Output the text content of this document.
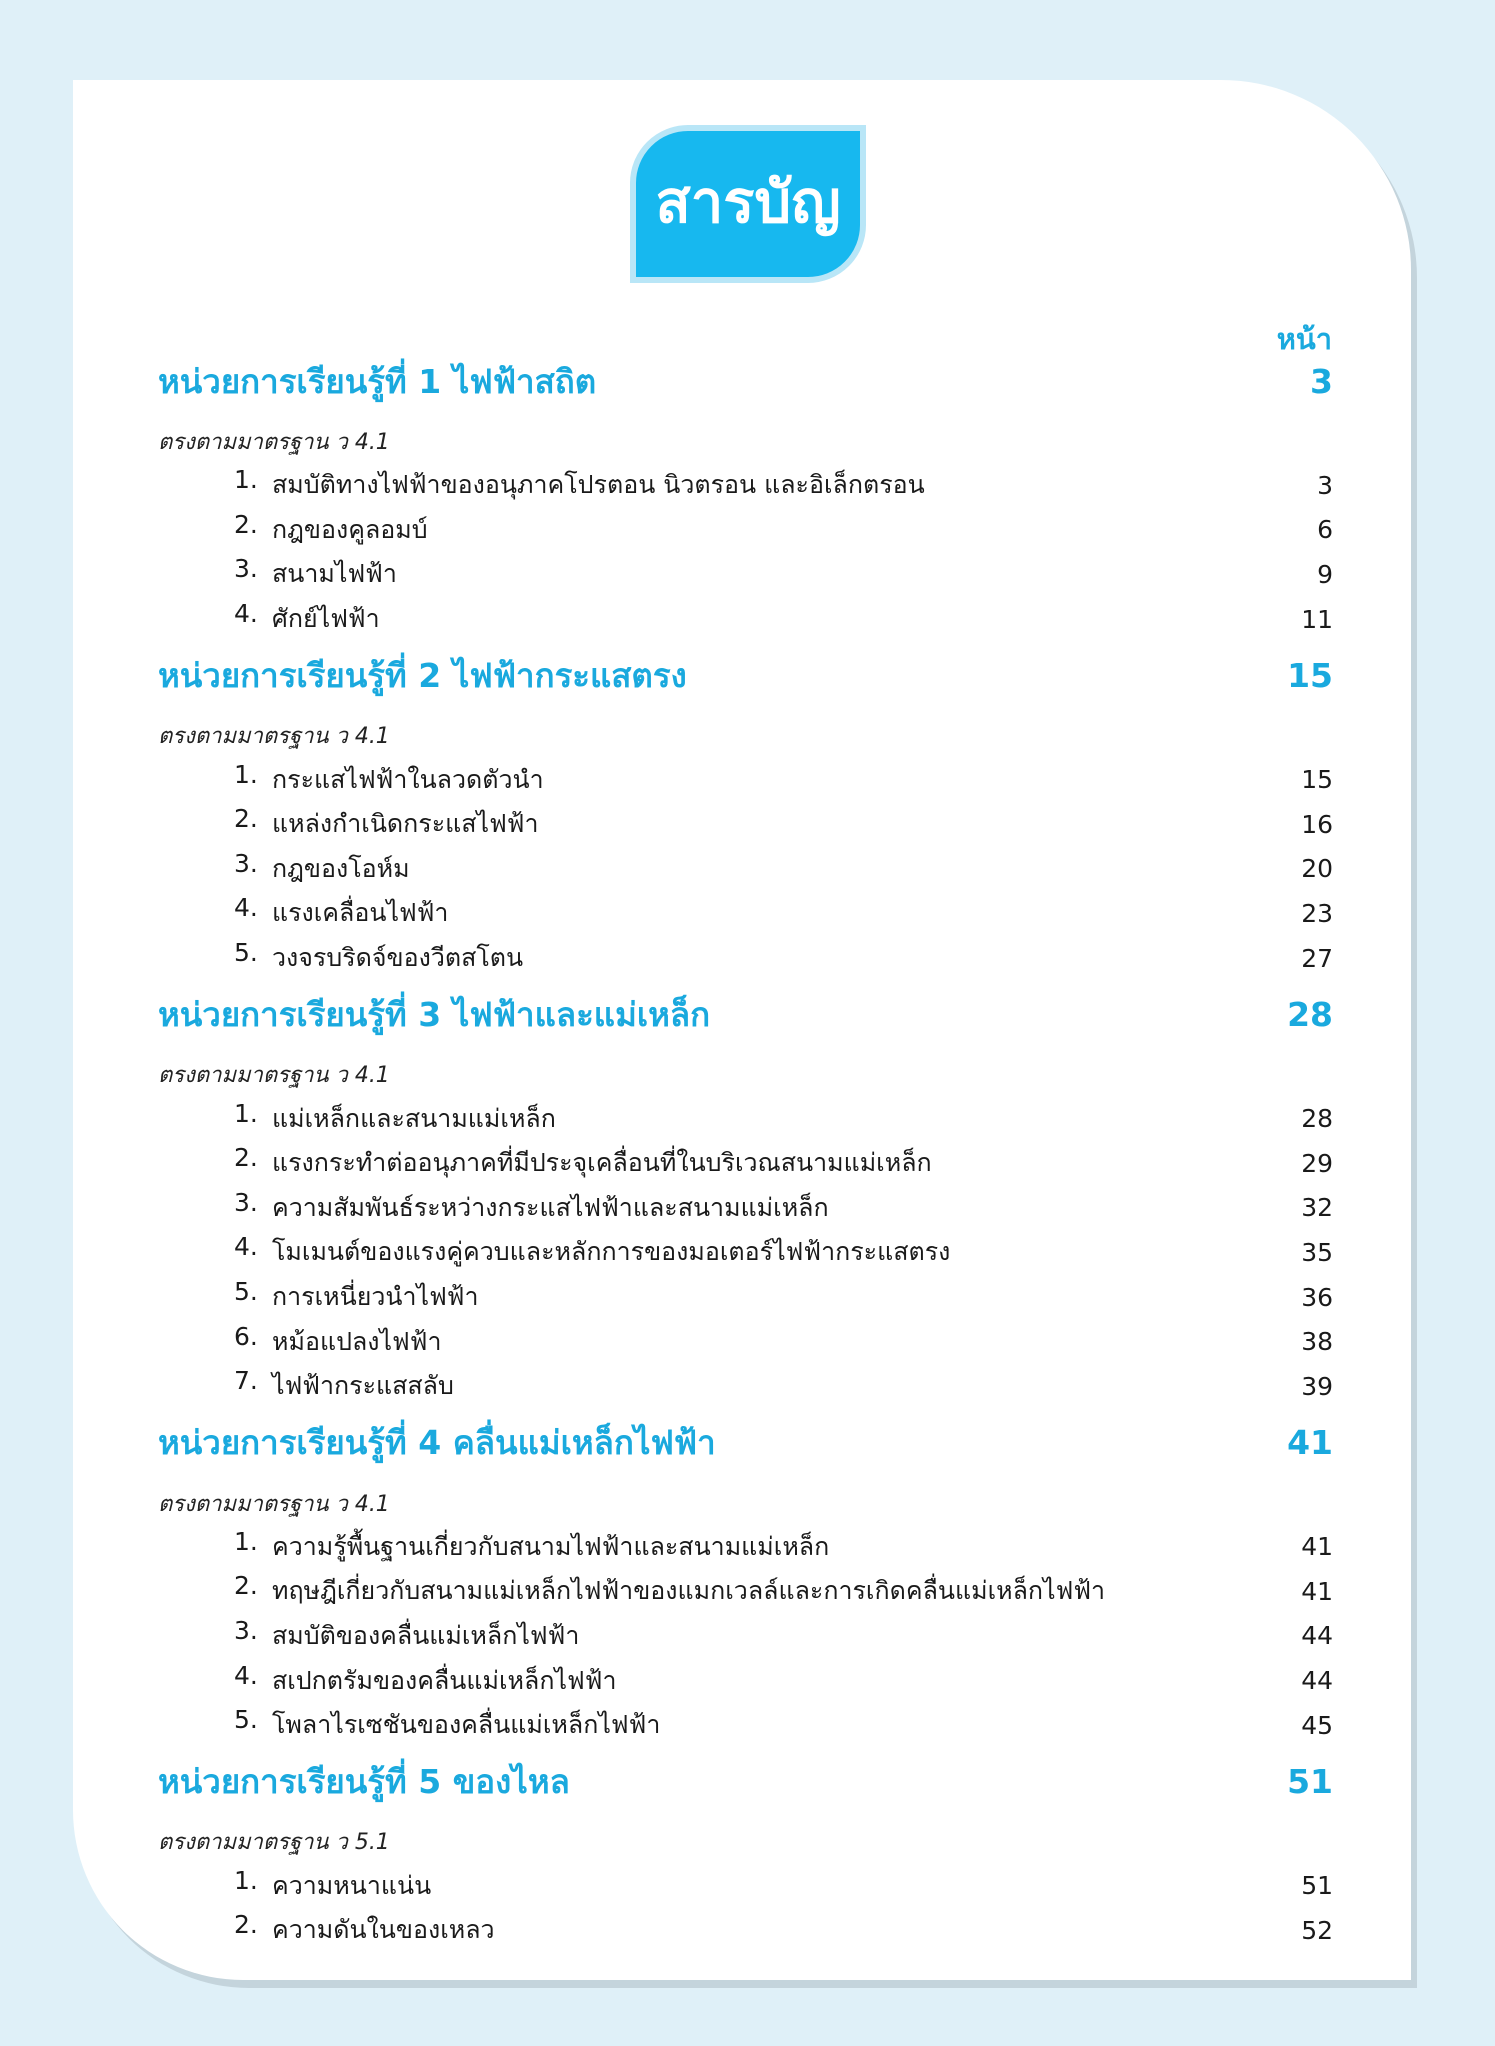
สารบัญ
หน้า
หน่วยการเรียนรู้ที่ 1 ไฟฟ้าสถิต	3
ตรงตามมาตรฐาน ว 4.1
1. สมบัติทางไฟฟ้าของอนุภาคโปรตอน นิวตรอน และอิเล็กตรอน	3
2. กฎของคูลอมบ์	6
3. สนามไฟฟ้า	9
4. ศักย์ไฟฟ้า	11
หน่วยการเรียนรู้ที่ 2 ไฟฟ้ากระแสตรง	15
ตรงตามมาตรฐาน ว 4.1
1. กระแสไฟฟ้าในลวดตัวนำ	15
2. แหล่งกำเนิดกระแสไฟฟ้า	16
3. กฎของโอห์ม	20
4. แรงเคลื่อนไฟฟ้า	23
5. วงจรบริดจ์ของวีตสโตน	27
หน่วยการเรียนรู้ที่ 3 ไฟฟ้าและแม่เหล็ก	28
ตรงตามมาตรฐาน ว 4.1
1. แม่เหล็กและสนามแม่เหล็ก	28
2. แรงกระทำต่ออนุภาคที่มีประจุเคลื่อนที่ในบริเวณสนามแม่เหล็ก	29
3. ความสัมพันธ์ระหว่างกระแสไฟฟ้าและสนามแม่เหล็ก	32
4. โมเมนต์ของแรงคู่ควบและหลักการของมอเตอร์ไฟฟ้ากระแสตรง	35
5. การเหนี่ยวนำไฟฟ้า	36
6. หม้อแปลงไฟฟ้า	38
7. ไฟฟ้ากระแสสลับ	39
หน่วยการเรียนรู้ที่ 4 คลื่นแม่เหล็กไฟฟ้า	41
ตรงตามมาตรฐาน ว 4.1
1. ความรู้พื้นฐานเกี่ยวกับสนามไฟฟ้าและสนามแม่เหล็ก	41
2. ทฤษฎีเกี่ยวกับสนามแม่เหล็กไฟฟ้าของแมกเวลล์และการเกิดคลื่นแม่เหล็กไฟฟ้า	41
3. สมบัติของคลื่นแม่เหล็กไฟฟ้า	44
4. สเปกตรัมของคลื่นแม่เหล็กไฟฟ้า	44
5. โพลาไรเซชันของคลื่นแม่เหล็กไฟฟ้า	45
หน่วยการเรียนรู้ที่ 5 ของไหล	51
ตรงตามมาตรฐาน ว 5.1
1. ความหนาแน่น	51
2. ความดันในของเหลว	52
